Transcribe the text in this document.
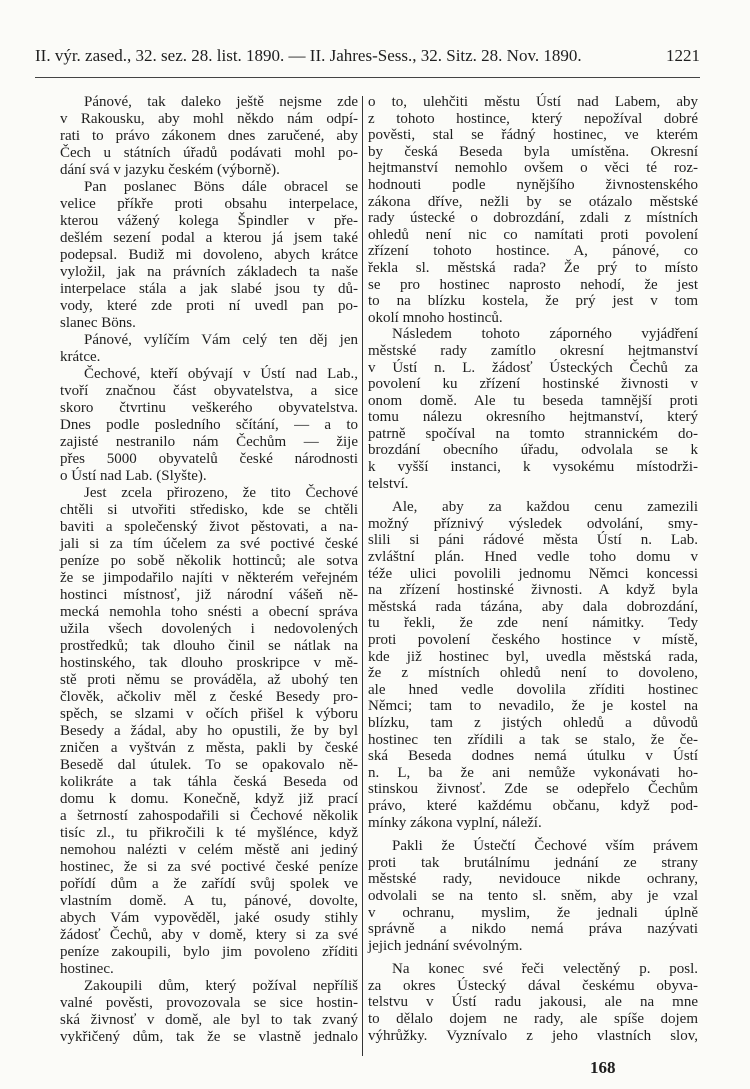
II. výr. zased., 32. sez. 28. list. 1890. — II. Jahres-Sess., 32. Sitz. 28. Nov. 1890.	1221
Pánové, tak daleko ještě nejsme zde
v Rakousku, aby mohl někdo nám odpí-
rati to právo zákonem dnes zaručené, aby
Čech u státních úřadů podávati mohl po-
dání svá v jazyku českém (výborně).
Pan poslanec Böns dále obracel se
velice příkře proti obsahu interpelace,
kterou vážený kolega Špindler v pře-
dešlém sezení podal a kterou já jsem také
podepsal. Budiž mi dovoleno, abych krátce
vyložil, jak na právních základech ta naše
interpelace stála a jak slabé jsou ty dů-
vody, které zde proti ní uvedl pan po-
slanec Böns.
Pánové, vylíčím Vám celý ten děj jen
krátce.
Čechové, kteří obývají v Ústí nad Lab.,
tvoří značnou část obyvatelstva, a sice
skoro čtvrtinu veškerého obyvatelstva.
Dnes podle posledního sčítání, — a to
zajisté nestranilo nám Čechům — žije
přes 5000 obyvatelů české národnosti
o Ústí nad Lab. (Slyšte).
Jest zcela přirozeno, že tito Čechové
chtěli si utvořiti středisko, kde se chtěli
baviti a společenský život pěstovati, a na-
jali si za tím účelem za své poctivé české
peníze po sobě několik hottinců; ale sotva
že se jimpodařilo najíti v některém veřejném
hostinci místnosť, již národní vášeň ně-
mecká nemohla toho snésti a obecní správa
užila všech dovolených i nedovolených
prostředků; tak dlouho činil se nátlak na
hostinského, tak dlouho proskripce v mě-
stě proti němu se prováděla, až ubohý ten
člověk, ačkoliv měl z české Besedy pro-
spěch, se slzami v očích přišel k výboru
Besedy a žádal, aby ho opustili, že by byl
zničen a vyštván z města, pakli by české
Besedě dal útulek. To se opakovalo ně-
kolikráte a tak táhla česká Beseda od
domu k domu. Konečně, když již prací
a šetrností zahospodařili si Čechové několik
tisíc zl., tu přikročili k té myšlénce, když
nemohou nalézti v celém městě ani jediný
hostinec, že si za své poctivé české peníze
pořídí dům a že zařídí svůj spolek ve
vlastním domě. A tu, pánové, dovolte,
abych Vám vypověděl, jaké osudy stihly
žádosť Čechů, aby v domě, ktery si za své
peníze zakoupili, bylo jim povoleno zříditi
hostinec.
Zakoupili dům, který požíval nepříliš
valné pověsti, provozovala se sice hostin-
ská živnosť v domě, ale byl to tak zvaný
vykřičený dům, tak že se vlastně jednalo
o to, ulehčiti městu Ústí nad Labem, aby
z tohoto hostince, který nepožíval dobré
pověsti, stal se řádný hostinec, ve kterém
by česká Beseda byla umístěna. Okresní
hejtmanství nemohlo ovšem o věci té roz-
hodnouti podle nynějšího živnostenského
zákona dříve, nežli by se otázalo městské
rady ústecké o dobrozdání, zdali z místních
ohledů není nic co namítati proti povolení
zřízení tohoto hostince. A, pánové, co
řekla sl. městská rada? Že prý to místo
se pro hostinec naprosto nehodí, že jest
to na blízku kostela, že prý jest v tom
okolí mnoho hostinců.
Následem tohoto záporného vyjádření
městské rady zamítlo okresní hejtmanství
v Ústí n. L. žádosť Ústeckých Čechů za
povolení ku zřízení hostinské živnosti v
onom domě. Ale tu beseda tamnější proti
tomu nálezu okresního hejtmanství, který
patrně spočíval na tomto strannickém do-
brozdání obecního úřadu, odvolala se k
k vyšší instanci, k vysokému místodrži-
telství.
Ale, aby za každou cenu zamezili
možný příznivý výsledek odvolání, smy-
slili si páni rádové města Ústí n. Lab.
zvláštní plán. Hned vedle toho domu v
téže ulici povolili jednomu Němci koncessi
na zřízení hostinské živnosti. A když byla
městská rada tázána, aby dala dobrozdání,
tu řekli, že zde není námitky. Tedy
proti povolení českého hostince v místě,
kde již hostinec byl, uvedla městská rada,
že z místních ohledů není to dovoleno,
ale hned vedle dovolila zříditi hostinec
Němci; tam to nevadilo, že je kostel na
blízku, tam z jistých ohledů a důvodů
hostinec ten zřídili a tak se stalo, že če-
ská Beseda dodnes nemá útulku v Ústí
n. L, ba že ani nemůže vykonávati ho-
stinskou živnosť. Zde se odepřelo Čechům
právo, které každému občanu, když pod-
mínky zákona vyplní, náleží.
Pakli že Ústečtí Čechové vším právem
proti tak brutálnímu jednání ze strany
městské rady, nevidouce nikde ochrany,
odvolali se na tento sl. sněm, aby je vzal
v ochranu, myslim, že jednali úplně
správně a nikdo nemá práva nazývati
jejich jednání svévolným.
Na konec své řeči velectěný p. posl.
za okres Ústecký dával českému obyva-
telstvu v Ústí radu jakousi, ale na mne
to dělalo dojem ne rady, ale spíše dojem
výhrůžky. Vyznívalo z jeho vlastních slov,
168
